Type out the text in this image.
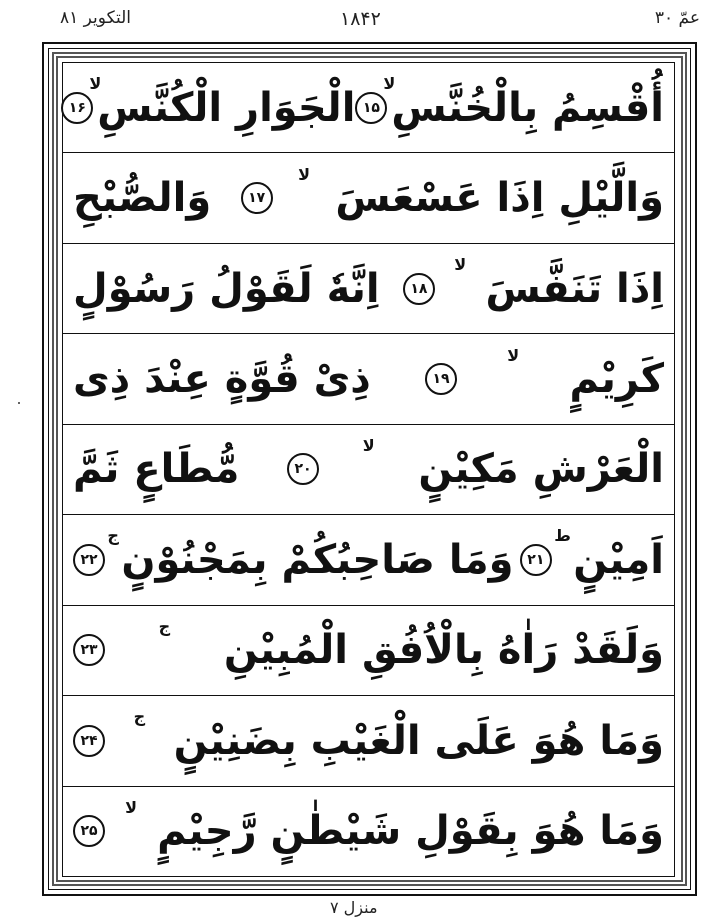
التکویر ۸۱	۱۸۴۲	عمّ ۳۰
أُقْسِمُ بِالْخُنَّسِ
لا
۱۵
الْجَوَارِ الْكُنَّسِ
لا
۱۶
وَالَّيْلِ اِذَا عَسْعَسَ
لا
۱۷
وَالصُّبْحِ
اِذَا تَنَفَّسَ
لا
۱۸
اِنَّهٗ لَقَوْلُ رَسُوْلٍ
كَرِيْمٍ
لا
۱۹
ذِىْ قُوَّةٍ عِنْدَ ذِى
الْعَرْشِ مَكِيْنٍ
لا
۲۰
مُّطَاعٍ ثَمَّ
اَمِيْنٍ
ط
۲۱
وَمَا صَاحِبُكُمْ بِمَجْنُوْنٍ
ج
۲۲
وَلَقَدْ رَاٰهُ بِالْاُفُقِ الْمُبِيْنِ
ج
۲۳
وَمَا هُوَ عَلَى الْغَيْبِ بِضَنِيْنٍ
ج
۲۴
وَمَا هُوَ بِقَوْلِ شَيْطٰنٍ رَّجِيْمٍ
لا
۲۵
منزل ۷
